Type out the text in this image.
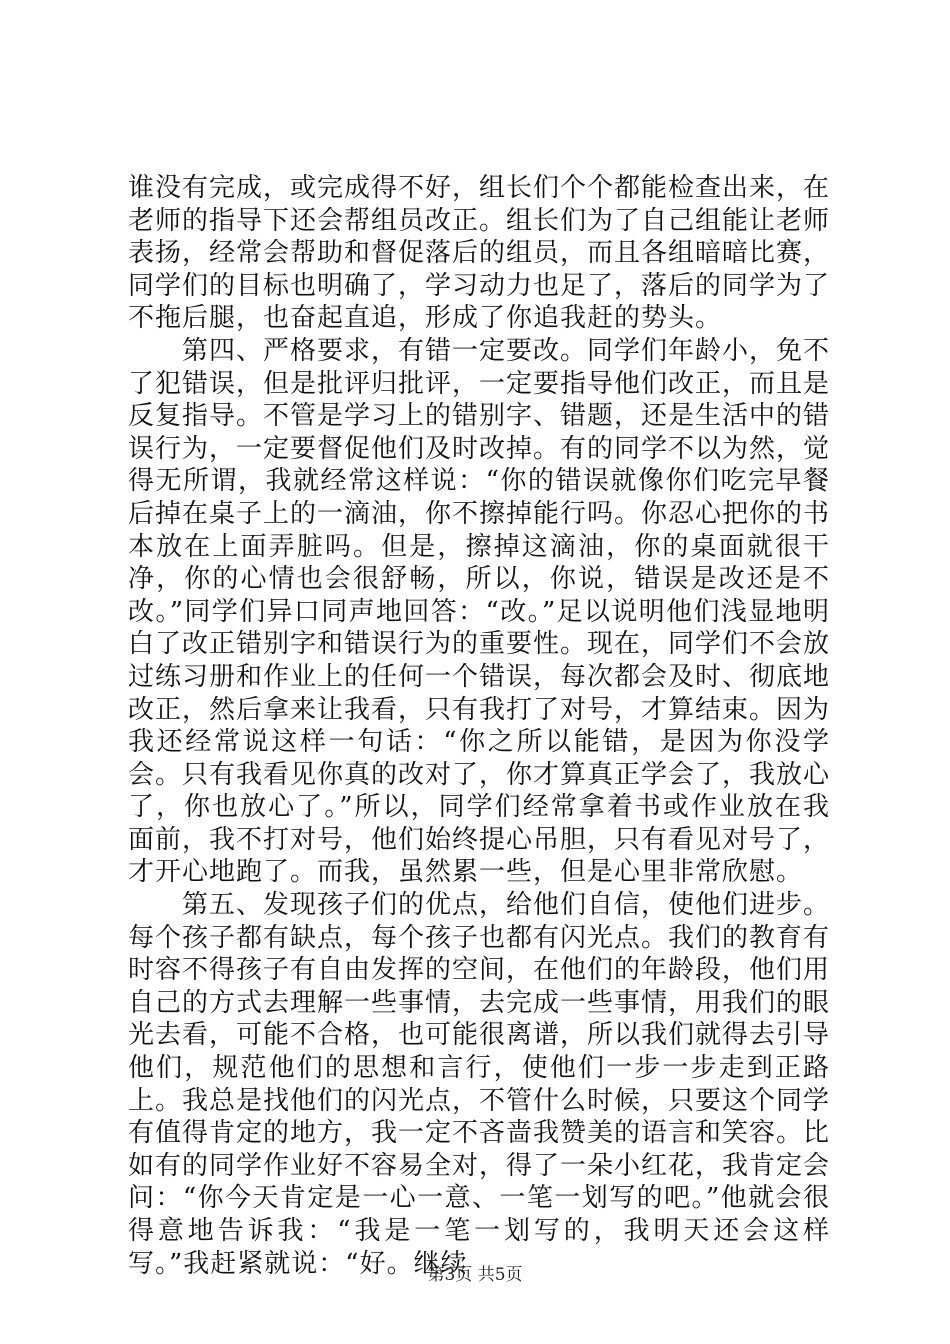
谁没有完成，或完成得不好，组长们个个都能检查出来，在老师的指导下还会帮组员改正。组长们为了自己组能让老师表扬，经常会帮助和督促落后的组员，而且各组暗暗比赛，同学们的目标也明确了，学习动力也足了，落后的同学为了不拖后腿，也奋起直追，形成了你追我赶的势头。

第四、严格要求，有错一定要改。同学们年龄小，免不了犯错误，但是批评归批评，一定要指导他们改正，而且是反复指导。不管是学习上的错别字、错题，还是生活中的错误行为，一定要督促他们及时改掉。有的同学不以为然，觉得无所谓，我就经常这样说：“你的错误就像你们吃完早餐后掉在桌子上的一滴油，你不擦掉能行吗。你忍心把你的书本放在上面弄脏吗。但是，擦掉这滴油，你的桌面就很干净，你的心情也会很舒畅，所以，你说，错误是改还是不改。”同学们异口同声地回答：“改。”足以说明他们浅显地明白了改正错别字和错误行为的重要性。现在，同学们不会放过练习册和作业上的任何一个错误，每次都会及时、彻底地改正，然后拿来让我看，只有我打了对号，才算结束。因为我还经常说这样一句话：“你之所以能错，是因为你没学会。只有我看见你真的改对了，你才算真正学会了，我放心了，你也放心了。”所以，同学们经常拿着书或作业放在我面前，我不打对号，他们始终提心吊胆，只有看见对号了，才开心地跑了。而我，虽然累一些，但是心里非常欣慰。

第五、发现孩子们的优点，给他们自信，使他们进步。每个孩子都有缺点，每个孩子也都有闪光点。我们的教育有时容不得孩子有自由发挥的空间，在他们的年龄段，他们用自己的方式去理解一些事情，去完成一些事情，用我们的眼光去看，可能不合格，也可能很离谱，所以我们就得去引导他们，规范他们的思想和言行，使他们一步一步走到正路上。我总是找他们的闪光点，不管什么时候，只要这个同学有值得肯定的地方，我一定不吝啬我赞美的语言和笑容。比如有的同学作业好不容易全对，得了一朵小红花，我肯定会问：“你今天肯定是一心一意、一笔一划写的吧。”他就会很得意地告诉我：“我是一笔一划写的，我明天还会这样写。”我赶紧就说：“好。继续

第3页 共5页
